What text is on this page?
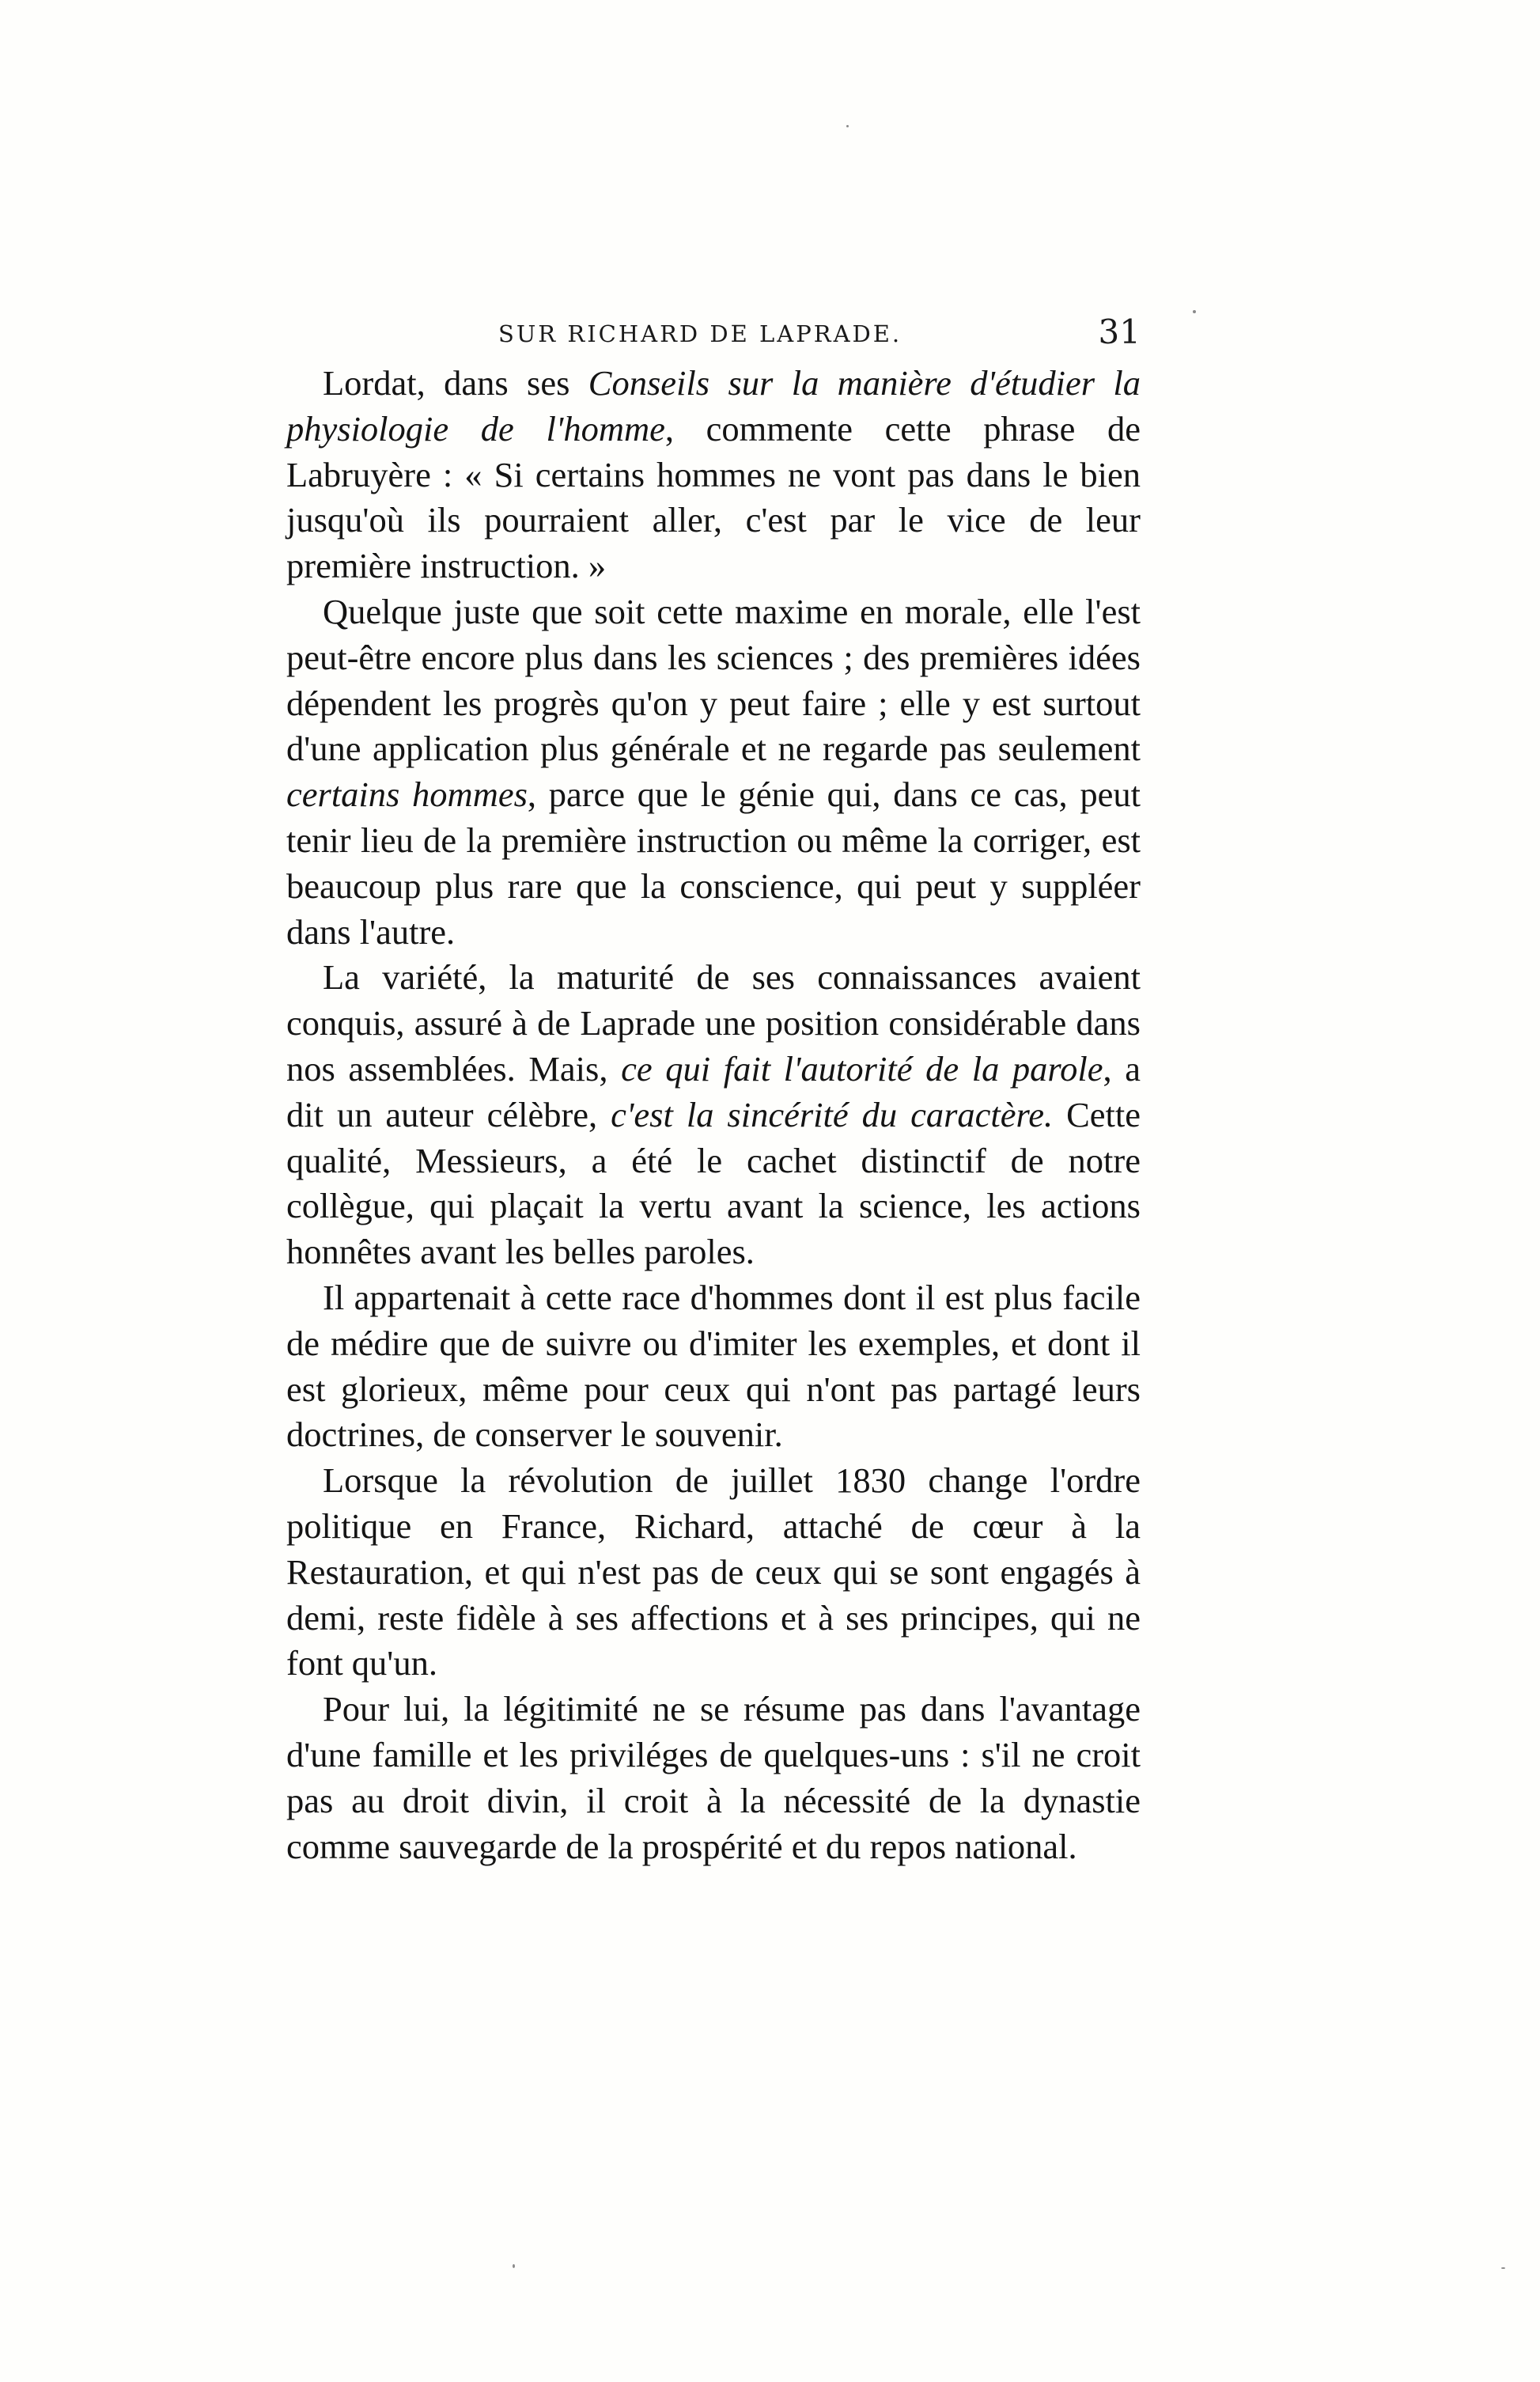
SUR RICHARD DE LAPRADE.	31

Lordat, dans ses Conseils sur la manière d'étudier la physiologie de l'homme, commente cette phrase de Labruyère : « Si certains hommes ne vont pas dans le bien jusqu'où ils pourraient aller, c'est par le vice de leur première instruction. »

Quelque juste que soit cette maxime en morale, elle l'est peut-être encore plus dans les sciences ; des premières idées dépendent les progrès qu'on y peut faire ; elle y est surtout d'une application plus générale et ne regarde pas seulement certains hommes, parce que le génie qui, dans ce cas, peut tenir lieu de la première instruction ou même la corriger, est beaucoup plus rare que la conscience, qui peut y suppléer dans l'autre.

La variété, la maturité de ses connaissances avaient conquis, assuré à de Laprade une position considérable dans nos assemblées. Mais, ce qui fait l'autorité de la parole, a dit un auteur célèbre, c'est la sincérité du caractère. Cette qualité, Messieurs, a été le cachet distinctif de notre collègue, qui plaçait la vertu avant la science, les actions honnêtes avant les belles paroles.

Il appartenait à cette race d'hommes dont il est plus facile de médire que de suivre ou d'imiter les exemples, et dont il est glorieux, même pour ceux qui n'ont pas partagé leurs doctrines, de conserver le souvenir.

Lorsque la révolution de juillet 1830 change l'ordre politique en France, Richard, attaché de cœur à la Restauration, et qui n'est pas de ceux qui se sont engagés à demi, reste fidèle à ses affections et à ses principes, qui ne font qu'un.

Pour lui, la légitimité ne se résume pas dans l'avantage d'une famille et les priviléges de quelques-uns : s'il ne croit pas au droit divin, il croit à la nécessité de la dynastie comme sauvegarde de la prospérité et du repos national.
